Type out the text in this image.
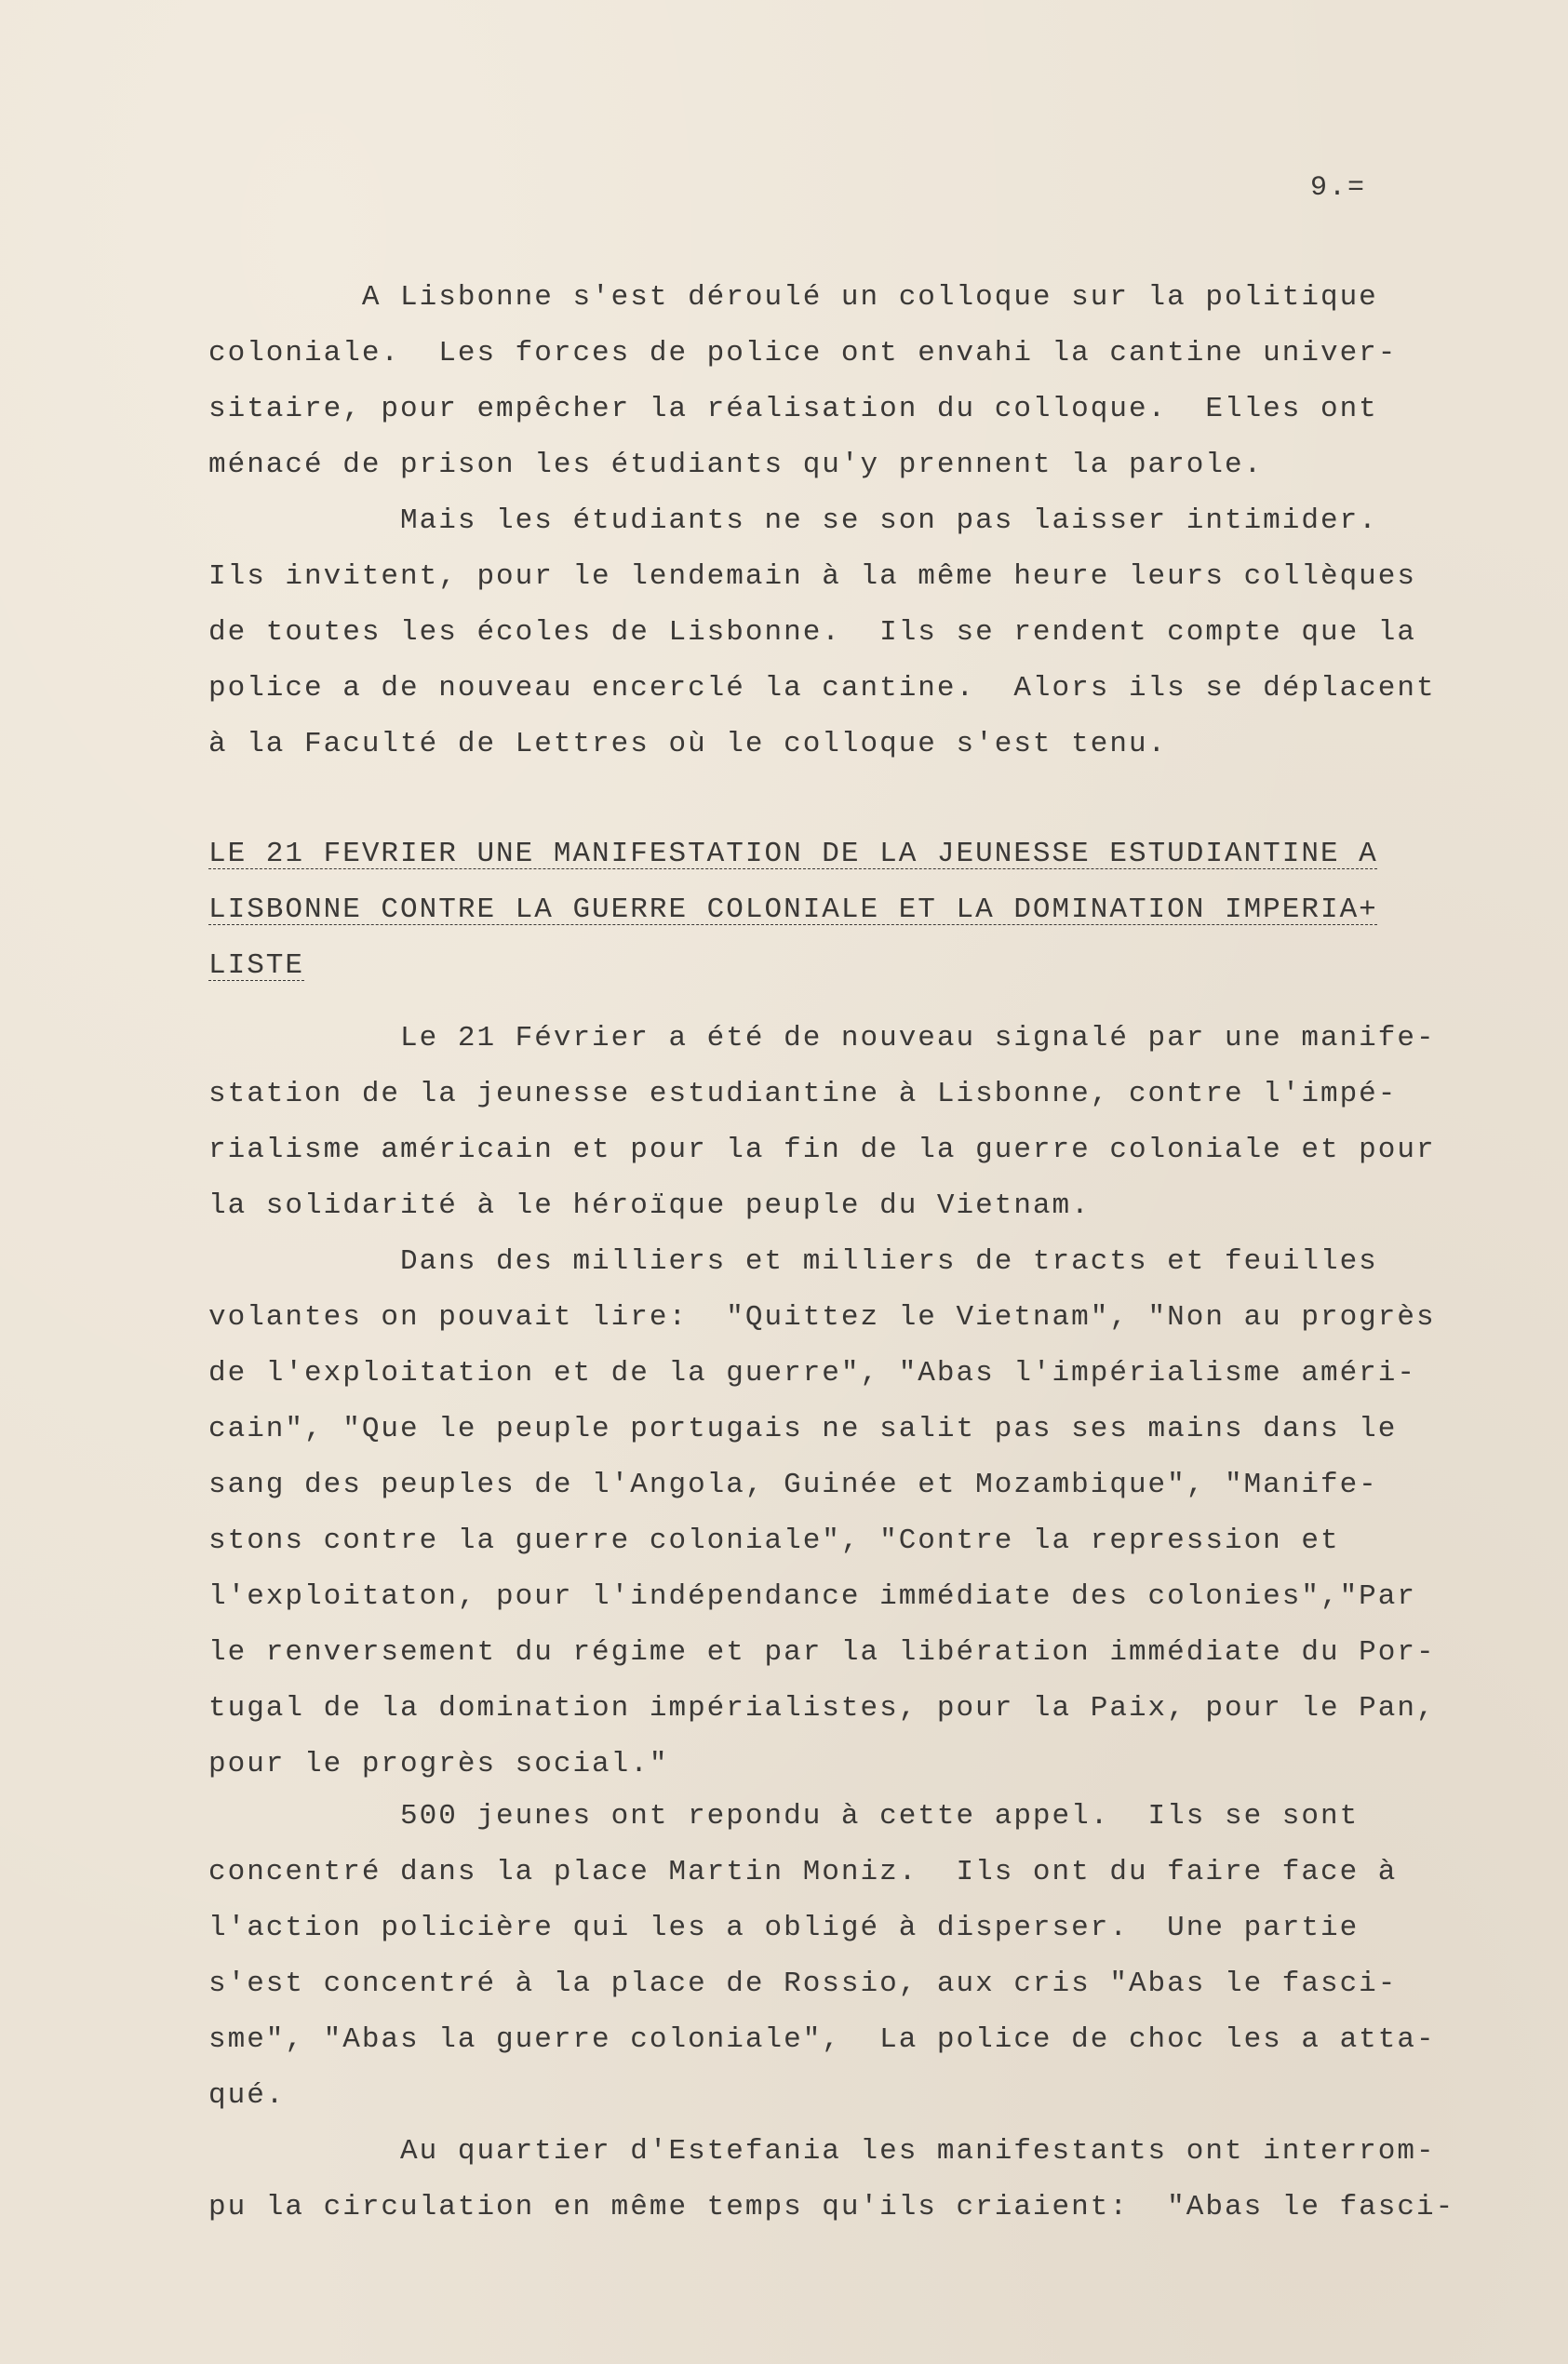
9.=
A Lisbonne s'est déroulé un colloque sur la politique
coloniale.  Les forces de police ont envahi la cantine univer-
sitaire, pour empêcher la réalisation du colloque.  Elles ont
ménacé de prison les étudiants qu'y prennent la parole.
Mais les étudiants ne se son pas laisser intimider.
Ils invitent, pour le lendemain à la même heure leurs collèques
de toutes les écoles de Lisbonne.  Ils se rendent compte que la
police a de nouveau encerclé la cantine.  Alors ils se déplacent
à la Faculté de Lettres où le colloque s'est tenu.
LE 21 FEVRIER UNE MANIFESTATION DE LA JEUNESSE ESTUDIANTINE A
LISBONNE CONTRE LA GUERRE COLONIALE ET LA DOMINATION IMPERIA+
LISTE
Le 21 Février a été de nouveau signalé par une manife-
station de la jeunesse estudiantine à Lisbonne, contre l'impé-
rialisme américain et pour la fin de la guerre coloniale et pour
la solidarité à le héroïque peuple du Vietnam.
Dans des milliers et milliers de tracts et feuilles
volantes on pouvait lire:  "Quittez le Vietnam", "Non au progrès
de l'exploitation et de la guerre", "Abas l'impérialisme améri-
cain", "Que le peuple portugais ne salit pas ses mains dans le
sang des peuples de l'Angola, Guinée et Mozambique", "Manife-
stons contre la guerre coloniale", "Contre la repression et
l'exploitaton, pour l'indépendance immédiate des colonies","Par
le renversement du régime et par la libération immédiate du Por-
tugal de la domination impérialistes, pour la Paix, pour le Pan,
pour le progrès social."
500 jeunes ont repondu à cette appel.  Ils se sont
concentré dans la place Martin Moniz.  Ils ont du faire face à
l'action policière qui les a obligé à disperser.  Une partie
s'est concentré à la place de Rossio, aux cris "Abas le fasci-
sme", "Abas la guerre coloniale",  La police de choc les a atta-
qué.
Au quartier d'Estefania les manifestants ont interrom-
pu la circulation en même temps qu'ils criaient:  "Abas le fasci-
